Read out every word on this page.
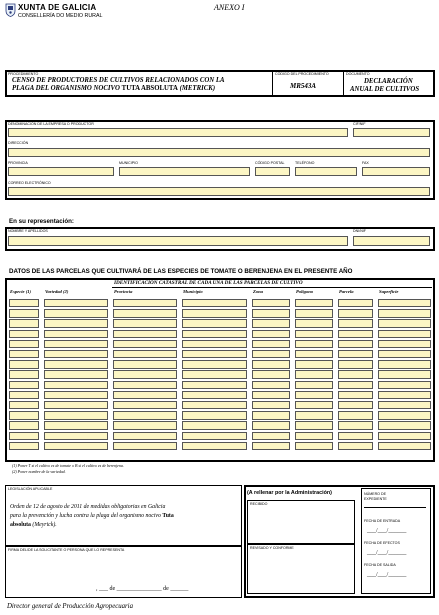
XUNTA DE GALICIA
CONSELLERÍA DO MEDIO RURAL
ANEXO I
PROCEDIMIENTO
CENSO DE PRODUCTORES DE CULTIVOS RELACIONADOS CON LA
PLAGA DEL ORGANISMO NOCIVO TUTA ABSOLUTA (METRICK)
CÓDIGO DEL PROCEDIMIENTO
MR543A
DOCUMENTO
DECLARACIÓN
ANUAL DE CULTIVOS
DENOMINACIÓN DE LA EMPRESA O PRODUCTOR	CIF/NIF
DIRECCIÓN
PROVINCIA	MUNICIPIO	CÓDIGO POSTAL	TELÉFONO	FAX
CORREO ELECTRÓNICO
En su representación:
NOMBRE Y APELLIDOS	DNI/NIF
DATOS DE LAS PARCELAS QUE CULTIVARÁ DE LAS ESPECIES DE TOMATE O BERENJENA EN EL PRESENTE AÑO
IDENTIFICACIÓN CATASTRAL DE CADA UNA DE LAS PARCELAS DE CULTIVO
Especie (1)	Variedad (2)	Provincia	Municipio	Zona	Polígono	Parcela	Superficie
(1) Poner T si el cultivo es de tomate o B si el cultivo es de berenjena.
(2) Poner nombre de la variedad.
LEGISLACIÓN APLICABLE
Orden de 12 de agosto de 2011 de medidas obligatorias en Galicia
para la prevención y lucha contra la plaga del organismo nocivo Tuta
absoluta (Meyrick).
FIRMA DEL/DE LA SOLICITANTE O PERSONA QUE LO REPRESENTA
, ___ de _______________ de ______
(A rellenar por la Administración)
RECIBIDO
REVISADO Y CONFORME
NÚMERO DE EXPEDIENTE
FECHA DE ENTRADA
___/___/______
FECHA DE EFECTOS
___/___/______
FECHA DE SALIDA
___/___/______
Director general de Producción Agropecuaria
